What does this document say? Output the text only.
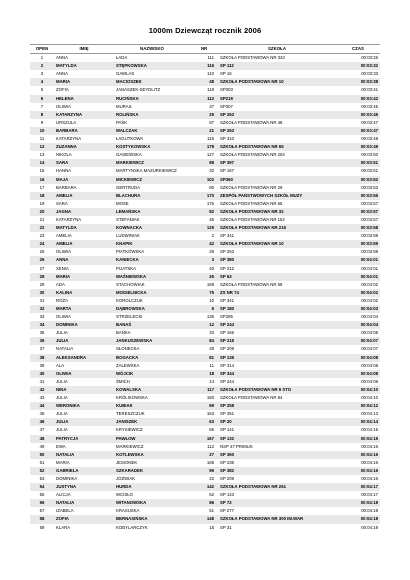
1000m Dziewcząt rocznik 2006
OPEN	IMIĘ	NAZWISKO	NR	SZKOŁA	CZAS
1	ANNA	ŁADA	111	SZKOŁA PODSTAWOWA NR 343	00:03:26
2	MATYLDA	STĘPKOWSKA	116	SP 112	00:03:32
3	ANNA	GAWLAS	110	SP 16	00:03:33
4	MARIA	MACIOSZEK	48	SZKOŁA PODSTAWOWA NR 10	00:03:38
5	ZOFIA	JANASZEK-SEYDLITZ	118	SP303	00:03:41
6	HELENA	RUCIŃSKA	112	SP219	00:03:42
7	OLIWIA	MURAS	37	SP307	00:03:45
8	KATARZYNA	ROLIŃSKA	25	SP 263	00:03:45
9	URSZULA	PAŚK	87	SZKOŁA PODSTAWOWA NR 48	00:03:47
10	BARBARA	WALCZAK	21	SP 263	00:03:47
11	KATARZYNA	ŁAGUTKOWA	115	SP 310	00:03:48
12	ZUZANNA	KOSTYKOWSKA	178	SZKOŁA PODSTAWOWA NR 65	00:03:49
13	NIKOLA	GASIEWSKA	127	SZKOŁA PODSTAWOWA NR 204	00:03:50
14	SARA	MARKIEWICZ	88	SP 397	00:03:51
15	HANNA	MARTYNSKA MAZURKIEWICZ	32	SP 167	00:03:51
16	MAJA	MICKIEWICZ	102	SP360	00:03:52
17	BARBARA	GERTRUDA	80	SZKOŁA PODSTAWOWA NR 29	00:03:53
18	AMELIA	BLACHURA	170	ZESPÓŁ PAŃSTWOWYCH SZKÓŁ MUZY	00:03:56
19	SARA	MOSE	176	SZKOŁA PODSTAWOWA NR 65	00:03:57
20	JAGNA	LEMAŃSKA	82	SZKOŁA PODSTAWOWA NR 32	00:03:57
21	KATARZYNA	STEFANIAK	46	SZKOŁA PODSTAWOWA NR 152	00:03:57
22	MATYLDA	KOWNACKA	125	SZKOŁA PODSTAWOWA NR 216	00:03:58
23	AMELIA	LUDWINIAK	2	SP 341	00:03:59
24	AMELIA	KNAPIK	42	SZKOŁA PODSTAWOWA NR 10	00:03:59
25	OLIWIA	PIATKOWSKA	29	SP 263	00:03:59
26	ANNA	KANIECKA	3	SP 380	00:04:01
27	XENIA	PIJATSKA	40	SP 212	00:04:01
28	MARIA	WAŚNIEWSKA	26	SP 63	00:04:01
29	ADA	STACHOWIAK	169	SZKOŁA PODSTAWOWA NR 68	00:04:02
30	KALINA	MOGIELNICKA	75	ZS NR 74	00:04:02
31	RÓŻA	KOROLCZUK	10	SP 341	00:04:02
32	MARTA	DĄBROWSKA	6	SP 180	00:04:03
33	OLIWIA	STRZELECKI	135	SP285	00:04:04
34	DOMINIKA	BANAŚ	12	SP 244	00:04:04
35	JULIA	BAŃKA	33	SP 166	00:04:05
36	JULIA	JANKUSZEWSKA	84	SP 215	00:04:07
37	NATALIA	SŁONECKA	28	SP 209	00:04:07
38	ALEKSANDRA	BOGACKA	81	SP 135	00:04:08
39	ALA	ZALEWSKA	11	SP 314	00:04:08
40	OLIWIA	WÓJCIK	18	SP 344	00:04:08
41	JULIA	ŚMICH	14	SP 244	00:04:09
42	NINA	KOWALSKA	117	SZKOŁA PODSTAWOWA NR 9 STO	00:04:10
43	JULIA	KRÓLIKOWSKA	150	SZKOŁA PODSTAWOWA NR 84	00:04:10
44	WERONIKA	KUBIAK	69	SP 258	00:04:12
45	JULIA	TERESZCZUK	163	SP 351	00:04:13
46	JULIA	JANISZEK	63	SP 20	00:04:14
47	JULIA	KRYSIEWICZ	55	SP 141	00:04:15
48	PATRYCJA	PAWŁOW	167	SP 132	00:04:15
49	EWA	MARKIEWICZ	112	NSP 47 PRIMUS	00:04:16
50	NATALIA	KOTLEWSKA	27	SP 360	00:04:16
51	MARIA	JESIONEK	165	SP 236	00:04:16
52	GABRIELA	SZKARADEK	99	SP 382	00:04:16
53	DOMINIKA	JÓŹWIAK	22	SP 209	00:04:16
54	JUSTYNA	HURDA	142	SZKOŁA PODSTAWOWA NR 261	00:04:17
55	ALICJA	WCISŁO	52	SP 143	00:04:17
56	NATALIA	WITANOWSKA	86	SP 72	00:04:18
57	IZABELA	KRASUSKA	51	SP 277	00:04:18
58	ZOFIA	BERNASIŃSKA	148	SZKOŁA PODSTAWOWA NR 300 IM.WAR	00:04:18
59	KLARA	KOBYLARCZYK	15	SP 31	00:04:18
